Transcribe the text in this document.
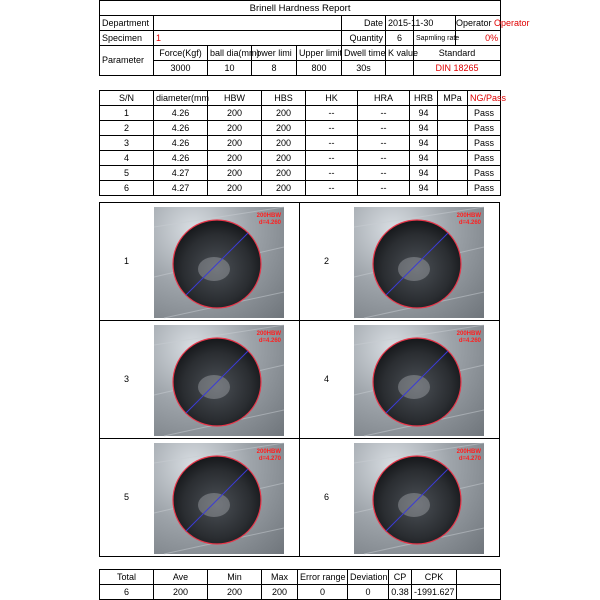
Brinell Hardness Report								
Department					Date	2015-11-30		Operator Operator
Specimen	1				Quantity	6	Sapmling rate	0%
Parameter	Force(Kgf)	ball dia(mm)	ower limi	Upper limit	Dwell time	K value	Standard	
	3000	10	8	800	30s		DIN 18265	
S/N	diameter(mm	HBW	HBS	HK	HRA	HRB	MPa	NG/Pass
1	4.26	200	200	--	--	94		Pass
2	4.26	200	200	--	--	94		Pass
3	4.26	200	200	--	--	94		Pass
4	4.26	200	200	--	--	94		Pass
5	4.27	200	200	--	--	94		Pass
6	4.27	200	200	--	--	94		Pass
1
200HBW
d=4.260
2
200HBW
d=4.260
3
200HBW
d=4.260
4
200HBW
d=4.260
5
200HBW
d=4.270
6
200HBW
d=4.270
Total	Ave	Min	Max	Error range	Deviation	CP	CPK	
6	200	200	200	0	0	0.38	-1991.627	
